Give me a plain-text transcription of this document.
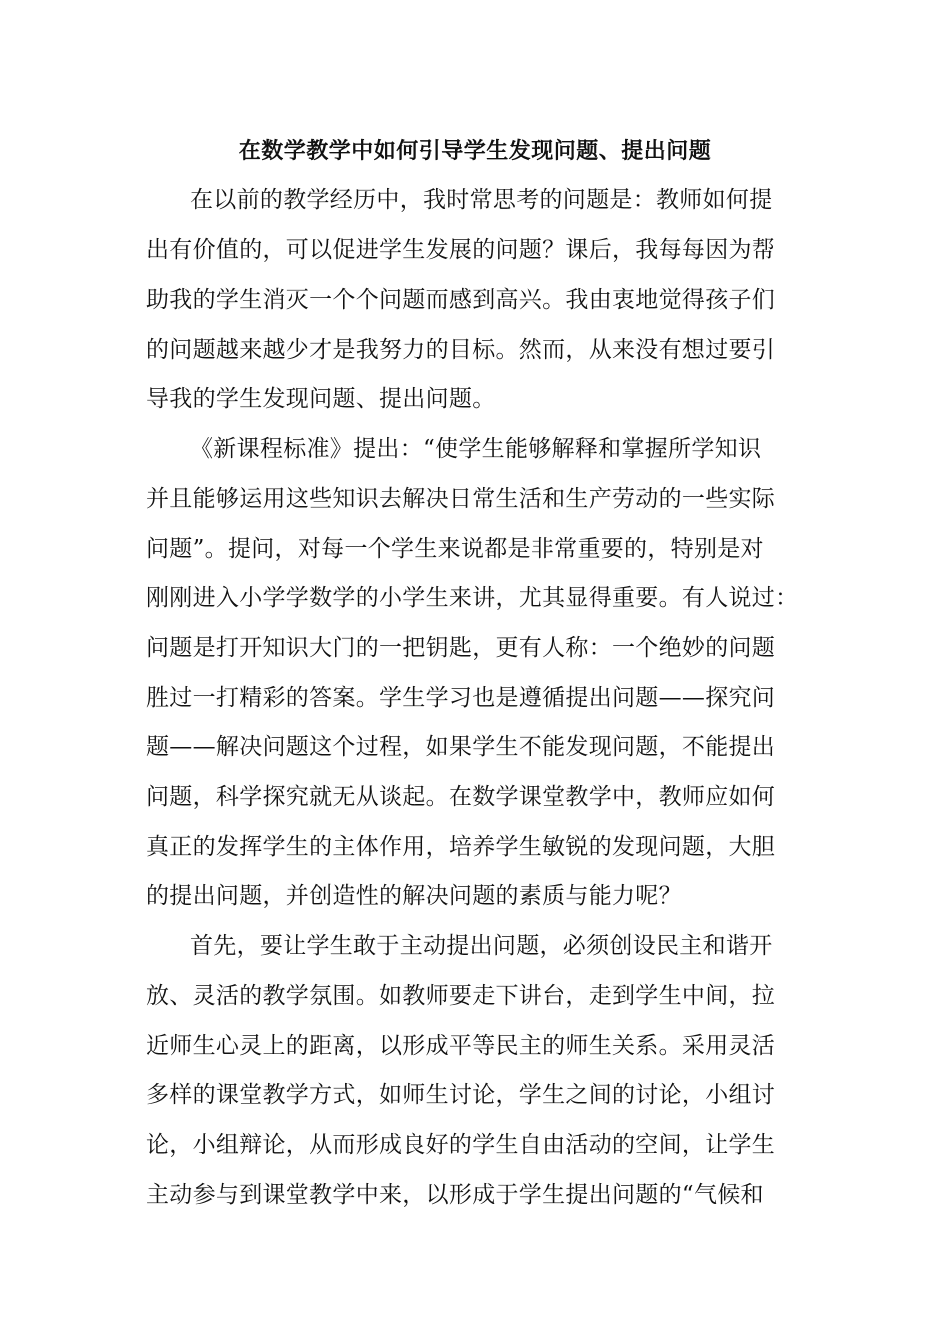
在数学教学中如何引导学生发现问题、提出问题
在以前的教学经历中，我时常思考的问题是：教师如何提
出有价值的，可以促进学生发展的问题？课后，我每每因为帮
助我的学生消灭一个个问题而感到高兴。我由衷地觉得孩子们
的问题越来越少才是我努力的目标。然而，从来没有想过要引
导我的学生发现问题、提出问题。
《新课程标准》提出：“使学生能够解释和掌握所学知识
并且能够运用这些知识去解决日常生活和生产劳动的一些实际
问题”。提问，对每一个学生来说都是非常重要的，特别是对
刚刚进入小学学数学的小学生来讲，尤其显得重要。有人说过：
问题是打开知识大门的一把钥匙，更有人称：一个绝妙的问题
胜过一打精彩的答案。学生学习也是遵循提出问题——探究问
题——解决问题这个过程，如果学生不能发现问题，不能提出
问题，科学探究就无从谈起。在数学课堂教学中，教师应如何
真正的发挥学生的主体作用，培养学生敏锐的发现问题，大胆
的提出问题，并创造性的解决问题的素质与能力呢？
首先，要让学生敢于主动提出问题，必须创设民主和谐开
放、灵活的教学氛围。如教师要走下讲台，走到学生中间，拉
近师生心灵上的距离，以形成平等民主的师生关系。采用灵活
多样的课堂教学方式，如师生讨论，学生之间的讨论，小组讨
论，小组辩论，从而形成良好的学生自由活动的空间，让学生
主动参与到课堂教学中来，以形成于学生提出问题的“气候和
